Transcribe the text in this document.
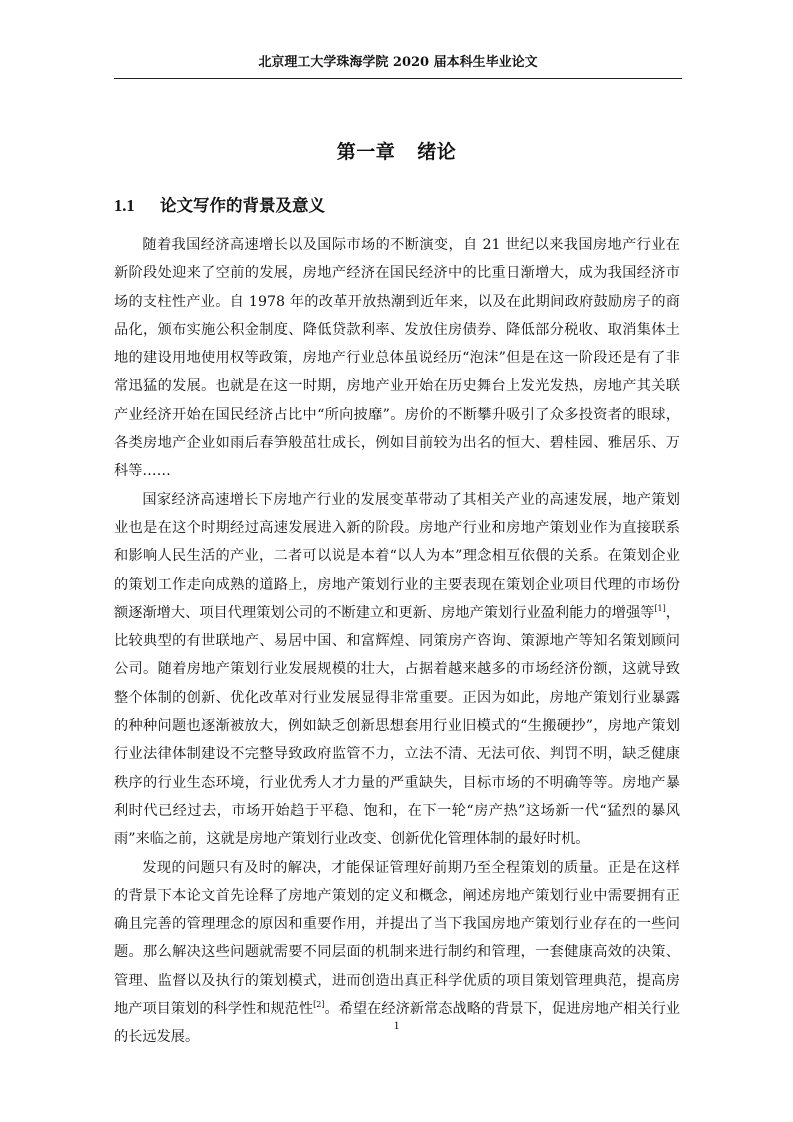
北京理工大学珠海学院 2020 届本科生毕业论文
第一章 绪论
1.1 论文写作的背景及意义

随着我国经济高速增长以及国际市场的不断演变，自 21 世纪以来我国房地产行业在新阶段处迎来了空前的发展，房地产经济在国民经济中的比重日渐增大，成为我国经济市场的支柱性产业。自 1978 年的改革开放热潮到近年来，以及在此期间政府鼓励房子的商品化，颁布实施公积金制度、降低贷款利率、发放住房债券、降低部分税收、取消集体土地的建设用地使用权等政策，房地产行业总体虽说经历“泡沫”但是在这一阶段还是有了非常迅猛的发展。也就是在这一时期，房地产业开始在历史舞台上发光发热，房地产其关联产业经济开始在国民经济占比中“所向披靡”。房价的不断攀升吸引了众多投资者的眼球，各类房地产企业如雨后春笋般茁壮成长，例如目前较为出名的恒大、碧桂园、雅居乐、万科等……

国家经济高速增长下房地产行业的发展变革带动了其相关产业的高速发展，地产策划业也是在这个时期经过高速发展进入新的阶段。房地产行业和房地产策划业作为直接联系和影响人民生活的产业，二者可以说是本着“以人为本”理念相互依偎的关系。在策划企业的策划工作走向成熟的道路上，房地产策划行业的主要表现在策划企业项目代理的市场份额逐渐增大、项目代理策划公司的不断建立和更新、房地产策划行业盈利能力的增强等[1]，比较典型的有世联地产、易居中国、和富辉煌、同策房产咨询、策源地产等知名策划顾问公司。随着房地产策划行业发展规模的壮大，占据着越来越多的市场经济份额，这就导致整个体制的创新、优化改革对行业发展显得非常重要。正因为如此，房地产策划行业暴露的种种问题也逐渐被放大，例如缺乏创新思想套用行业旧模式的“生搬硬抄”，房地产策划行业法律体制建设不完整导致政府监管不力，立法不清、无法可依、判罚不明，缺乏健康秩序的行业生态环境，行业优秀人才力量的严重缺失，目标市场的不明确等等。房地产暴利时代已经过去，市场开始趋于平稳、饱和，在下一轮“房产热”这场新一代“猛烈的暴风雨”来临之前，这就是房地产策划行业改变、创新优化管理体制的最好时机。

发现的问题只有及时的解决，才能保证管理好前期乃至全程策划的质量。正是在这样的背景下本论文首先诠释了房地产策划的定义和概念，阐述房地产策划行业中需要拥有正确且完善的管理理念的原因和重要作用，并提出了当下我国房地产策划行业存在的一些问题。那么解决这些问题就需要不同层面的机制来进行制约和管理，一套健康高效的决策、管理、监督以及执行的策划模式，进而创造出真正科学优质的项目策划管理典范，提高房地产项目策划的科学性和规范性[2]。希望在经济新常态战略的背景下，促进房地产相关行业的长远发展。

1
